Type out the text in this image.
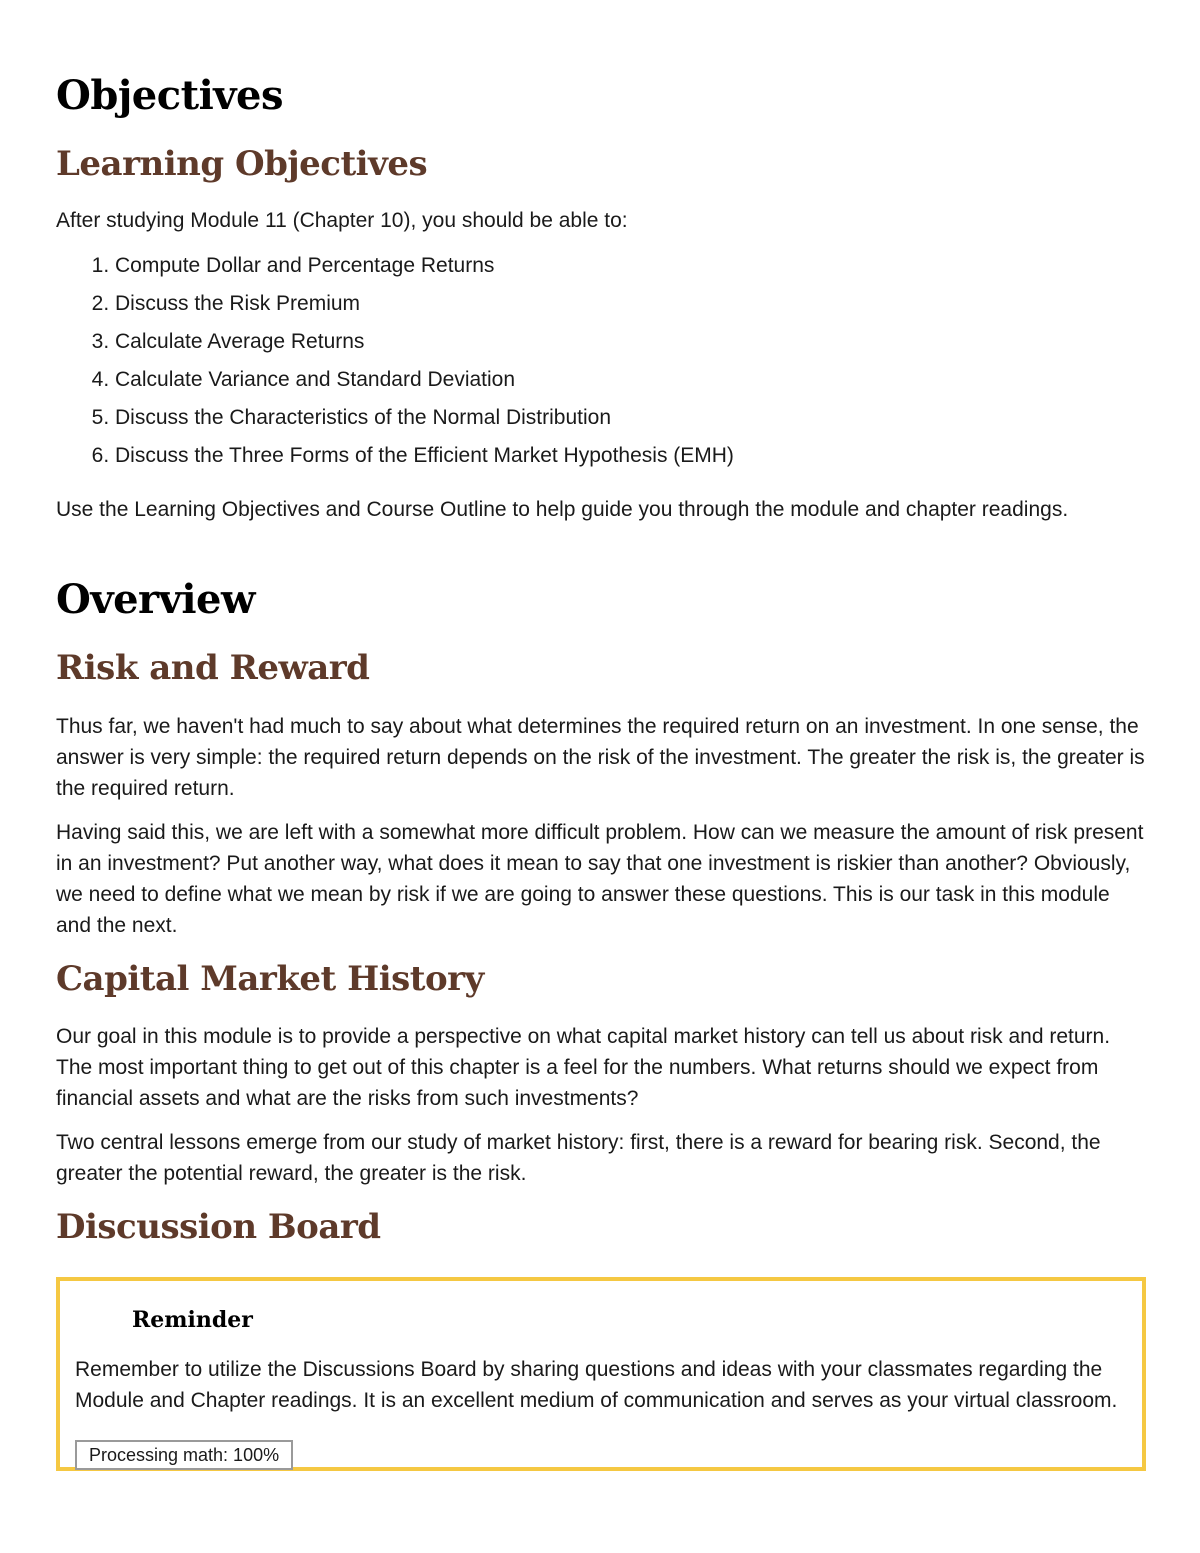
Objectives
Learning Objectives

After studying Module 11 (Chapter 10), you should be able to:

1. Compute Dollar and Percentage Returns
2. Discuss the Risk Premium
3. Calculate Average Returns
4. Calculate Variance and Standard Deviation
5. Discuss the Characteristics of the Normal Distribution
6. Discuss the Three Forms of the Efficient Market Hypothesis (EMH)

Use the Learning Objectives and Course Outline to help guide you through the module and chapter readings.

Overview
Risk and Reward

Thus far, we haven't had much to say about what determines the required return on an investment. In one sense, the answer is very simple: the required return depends on the risk of the investment. The greater the risk is, the greater is the required return.

Having said this, we are left with a somewhat more difficult problem. How can we measure the amount of risk present in an investment? Put another way, what does it mean to say that one investment is riskier than another? Obviously, we need to define what we mean by risk if we are going to answer these questions. This is our task in this module and the next.

Capital Market History

Our goal in this module is to provide a perspective on what capital market history can tell us about risk and return. The most important thing to get out of this chapter is a feel for the numbers. What returns should we expect from financial assets and what are the risks from such investments?

Two central lessons emerge from our study of market history: first, there is a reward for bearing risk. Second, the greater the potential reward, the greater is the risk.

Discussion Board
Reminder

Remember to utilize the Discussions Board by sharing questions and ideas with your classmates regarding the Module and Chapter readings. It is an excellent medium of communication and serves as your virtual classroom.

Processing math: 100%
